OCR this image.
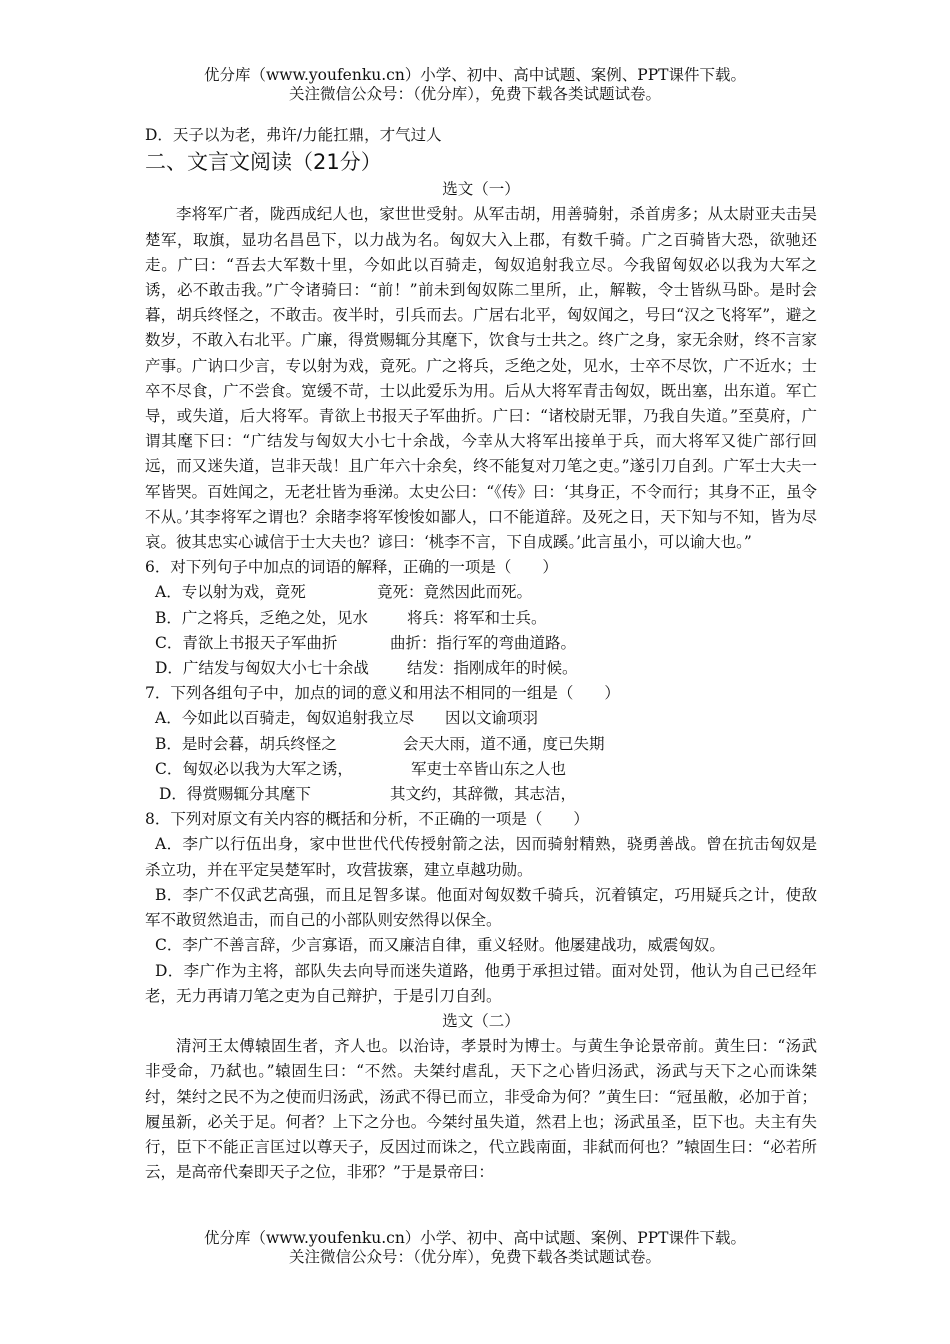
优分库（www.youfenku.cn）小学、初中、高中试题、案例、PPT课件下载。
关注微信公众号：（优分库），免费下载各类试题试卷。

D．天子以为老，弗许/力能扛鼎，才气过人

二、文言文阅读（21分）

选文（一）

李将军广者，陇西成纪人也，家世世受射。从军击胡，用善骑射，杀首虏多；从太尉亚夫击吴楚军，取旗，显功名昌邑下，以力战为名。匈奴大入上郡，有数千骑。广之百骑皆大恐，欲驰还走。广曰：“吾去大军数十里，今如此以百骑走，匈奴追射我立尽。今我留匈奴必以我为大军之诱，必不敢击我。”广令诸骑曰：“前！”前未到匈奴陈二里所，止，解鞍，令士皆纵马卧。是时会暮，胡兵终怪之，不敢击。夜半时，引兵而去。广居右北平，匈奴闻之，号曰“汉之飞将军”，避之数岁，不敢入右北平。广廉，得赏赐辄分其麾下，饮食与士共之。终广之身，家无余财，终不言家产事。广讷口少言，专以射为戏，竟死。广之将兵，乏绝之处，见水，士卒不尽饮，广不近水；士卒不尽食，广不尝食。宽缓不苛，士以此爱乐为用。后从大将军青击匈奴，既出塞，出东道。军亡导，或失道，后大将军。青欲上书报天子军曲折。广曰：“诸校尉无罪，乃我自失道。”至莫府，广谓其麾下曰：“广结发与匈奴大小七十余战，今幸从大将军出接单于兵，而大将军又徙广部行回远，而又迷失道，岂非天哉！且广年六十余矣，终不能复对刀笔之吏。”遂引刀自刭。广军士大夫一军皆哭。百姓闻之，无老壮皆为垂涕。太史公曰：“《传》曰：‘其身正，不令而行；其身不正，虽令不从。’其李将军之谓也？余睹李将军悛悛如鄙人，口不能道辞。及死之日，天下知与不知，皆为尽哀。彼其忠实心诚信于士大夫也？谚曰：‘桃李不言，下自成蹊。’此言虽小，可以谕大也。”

6．对下列句子中加点的词语的解释，正确的一项是（　　）

A．专以射为戏，竟死	竟死：竟然因此而死。

B．广之将兵，乏绝之处，见水	将兵：将军和士兵。

C．青欲上书报天子军曲折	曲折：指行军的弯曲道路。

D．广结发与匈奴大小七十余战 结发：指刚成年的时候。

7．下列各组句子中，加点的词的意义和用法不相同的一组是（　　）

A．今如此以百骑走，匈奴追射我立尽 因以文谕项羽

B．是时会暮，胡兵终怪之	会天大雨，道不通，度已失期

C．匈奴必以我为大军之诱，	军吏士卒皆山东之人也

D．得赏赐辄分其麾下	其文约，其辞微，其志洁，

8．下列对原文有关内容的概括和分析，不正确的一项是（　　）

A．李广以行伍出身，家中世世代代传授射箭之法，因而骑射精熟，骁勇善战。曾在抗击匈奴是杀立功，并在平定吴楚军时，攻营拔寨，建立卓越功勋。

B．李广不仅武艺高强，而且足智多谋。他面对匈奴数千骑兵，沉着镇定，巧用疑兵之计，使敌军不敢贸然追击，而自己的小部队则安然得以保全。

C．李广不善言辞，少言寡语，而又廉洁自律，重义轻财。他屡建战功，威震匈奴。

D．李广作为主将，部队失去向导而迷失道路，他勇于承担过错。面对处罚，他认为自己已经年老，无力再请刀笔之吏为自己辩护，于是引刀自刭。

选文（二）

清河王太傅辕固生者，齐人也。以治诗，孝景时为博士。与黄生争论景帝前。黄生曰：“汤武非受命，乃弑也。”辕固生曰：“不然。夫桀纣虐乱，天下之心皆归汤武，汤武与天下之心而诛桀纣，桀纣之民不为之使而归汤武，汤武不得已而立，非受命为何？”黄生曰：“冠虽敝，必加于首；履虽新，必关于足。何者？上下之分也。今桀纣虽失道，然君上也；汤武虽圣，臣下也。夫主有失行，臣下不能正言匡过以尊天子，反因过而诛之，代立践南面，非弑而何也？”辕固生曰：“必若所云，是高帝代秦即天子之位，非邪？”于是景帝曰：

优分库（www.youfenku.cn）小学、初中、高中试题、案例、PPT课件下载。
关注微信公众号：（优分库），免费下载各类试题试卷。
